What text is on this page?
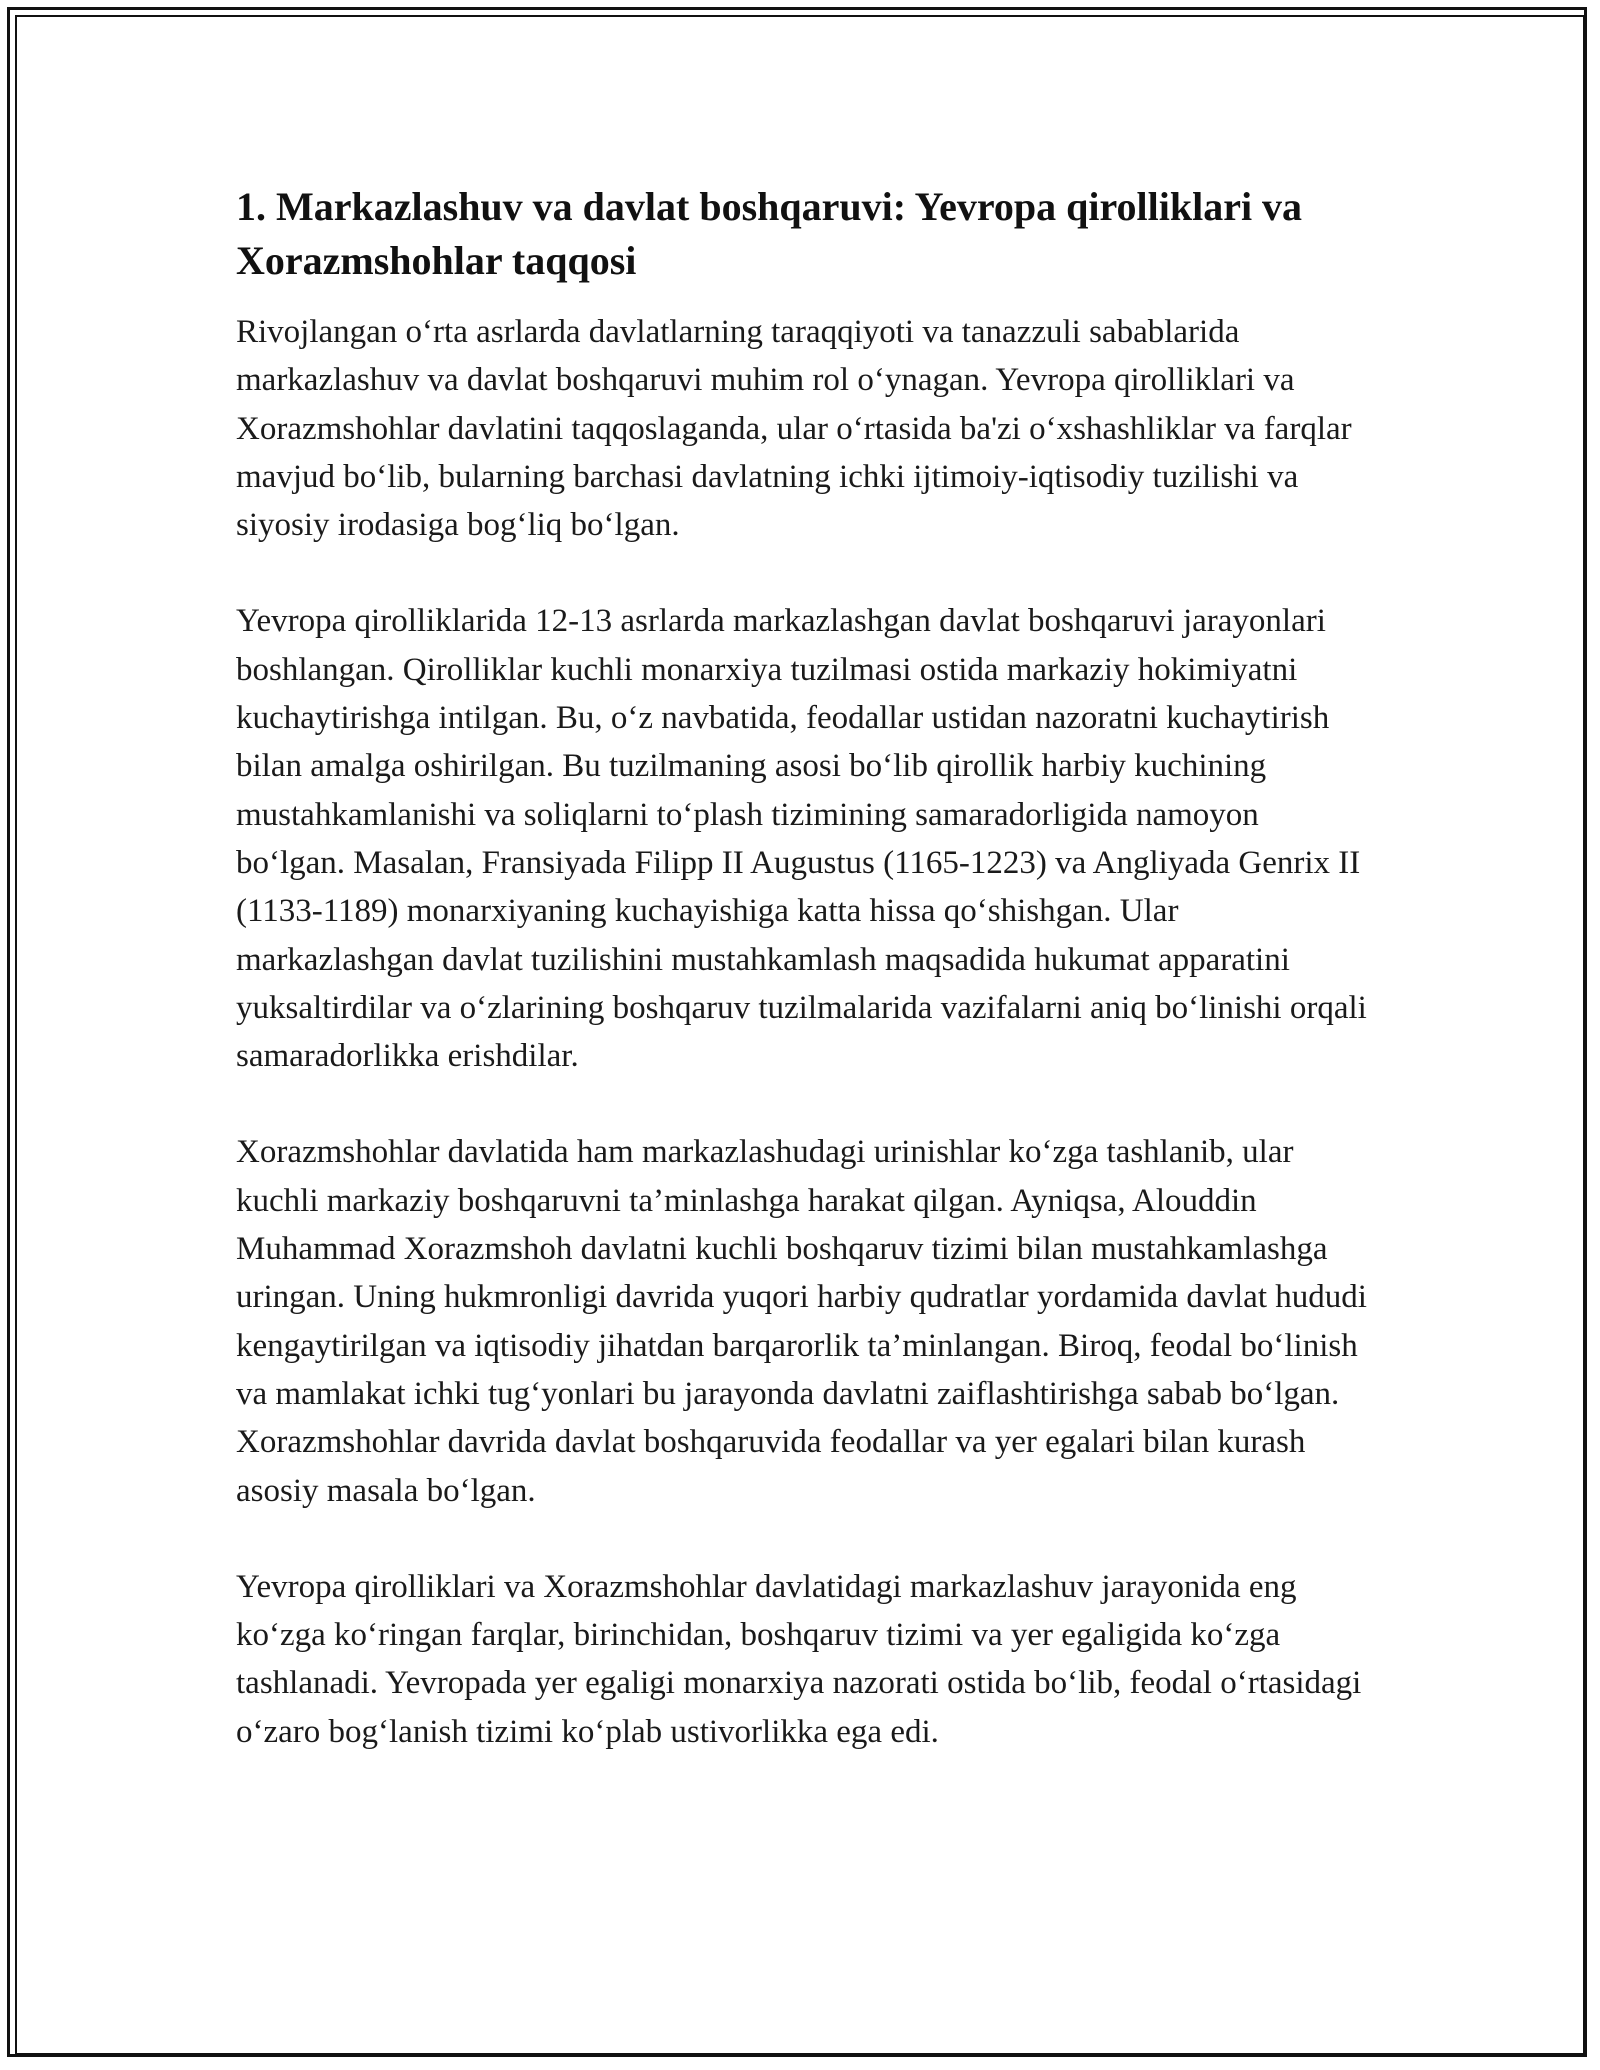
1. Markazlashuv va davlat boshqaruvi: Yevropa qirolliklari va Xorazmshohlar taqqosi

Rivojlangan o‘rta asrlarda davlatlarning taraqqiyoti va tanazzuli sabablarida markazlashuv va davlat boshqaruvi muhim rol o‘ynagan. Yevropa qirolliklari va Xorazmshohlar davlatini taqqoslaganda, ular o‘rtasida ba'zi o‘xshashliklar va farqlar mavjud bo‘lib, bularning barchasi davlatning ichki ijtimoiy-iqtisodiy tuzilishi va siyosiy irodasiga bog‘liq bo‘lgan.

Yevropa qirolliklarida 12-13 asrlarda markazlashgan davlat boshqaruvi jarayonlari boshlangan. Qirolliklar kuchli monarxiya tuzilmasi ostida markaziy hokimiyatni kuchaytirishga intilgan. Bu, o‘z navbatida, feodallar ustidan nazoratni kuchaytirish bilan amalga oshirilgan. Bu tuzilmaning asosi bo‘lib qirollik harbiy kuchining mustahkamlanishi va soliqlarni to‘plash tizimining samaradorligida namoyon bo‘lgan. Masalan, Fransiyada Filipp II Augustus (1165-1223) va Angliyada Genrix II (1133-1189) monarxiyaning kuchayishiga katta hissa qo‘shishgan. Ular markazlashgan davlat tuzilishini mustahkamlash maqsadida hukumat apparatini yuksaltirdilar va o‘zlarining boshqaruv tuzilmalarida vazifalarni aniq bo‘linishi orqali samaradorlikka erishdilar.

Xorazmshohlar davlatida ham markazlashudagi urinishlar ko‘zga tashlanib, ular kuchli markaziy boshqaruvni ta’minlashga harakat qilgan. Ayniqsa, Alouddin Muhammad Xorazmshoh davlatni kuchli boshqaruv tizimi bilan mustahkamlashga uringan. Uning hukmronligi davrida yuqori harbiy qudratlar yordamida davlat hududi kengaytirilgan va iqtisodiy jihatdan barqarorlik ta’minlangan. Biroq, feodal bo‘linish va mamlakat ichki tug‘yonlari bu jarayonda davlatni zaiflashtirishga sabab bo‘lgan. Xorazmshohlar davrida davlat boshqaruvida feodallar va yer egalari bilan kurash asosiy masala bo‘lgan.

Yevropa qirolliklari va Xorazmshohlar davlatidagi markazlashuv jarayonida eng ko‘zga ko‘ringan farqlar, birinchidan, boshqaruv tizimi va yer egaligida ko‘zga tashlanadi. Yevropada yer egaligi monarxiya nazorati ostida bo‘lib, feodal o‘rtasidagi o‘zaro bog‘lanish tizimi ko‘plab ustivorlikka ega edi.
